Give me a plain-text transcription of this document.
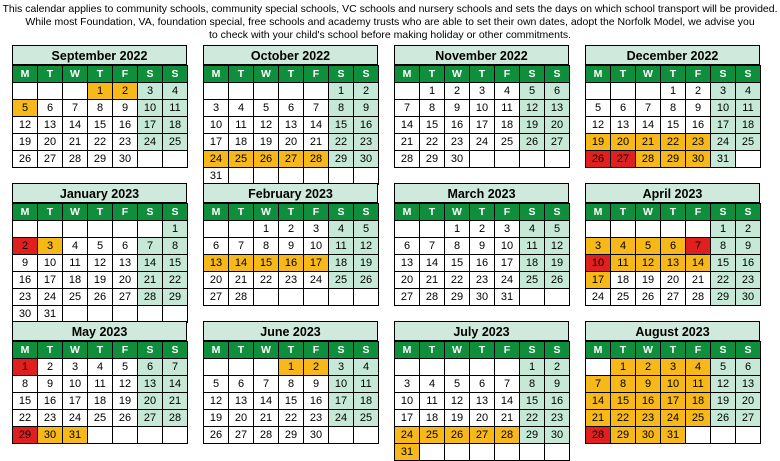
This calendar applies to community schools, community special schools, VC schools and nursery schools and sets the days on which school transport will be provided.

While most Foundation, VA, foundation special, free schools and academy trusts who are able to set their own dates, adopt the Norfolk Model, we advise you

to check with your child's school before making holiday or other commitments.

September 2022
M	T	W	T	F	S	S
			1	2	3	4
5	6	7	8	9	10	11
12	13	14	15	16	17	18
19	20	21	22	23	24	25
26	27	28	29	30		
October 2022
M	T	W	T	F	S	S
					1	2
3	4	5	6	7	8	9
10	11	12	13	14	15	16
17	18	19	20	21	22	23
24	25	26	27	28	29	30
31						
November 2022
M	T	W	T	F	S	S
	1	2	3	4	5	6
7	8	9	10	11	12	13
14	15	16	17	18	19	20
21	22	23	24	25	26	27
28	29	30				
December 2022
M	T	W	T	F	S	S
			1	2	3	4
5	6	7	8	9	10	11
12	13	14	15	16	17	18
19	20	21	22	23	24	25
26	27	28	29	30	31	
January 2023
M	T	W	T	F	S	S
						1
2	3	4	5	6	7	8
9	10	11	12	13	14	15
16	17	18	19	20	21	22
23	24	25	26	27	28	29
30	31					
February 2023
M	T	W	T	F	S	S
		1	2	3	4	5
6	7	8	9	10	11	12
13	14	15	16	17	18	19
20	21	22	23	24	25	26
27	28					
March 2023
M	T	W	T	F	S	S
		1	2	3	4	5
6	7	8	9	10	11	12
13	14	15	16	17	18	19
20	21	22	23	24	25	26
27	28	29	30	31		
April 2023
M	T	W	T	F	S	S
					1	2
3	4	5	6	7	8	9
10	11	12	13	14	15	16
17	18	19	20	21	22	23
24	25	26	27	28	29	30
May 2023
M	T	W	T	F	S	S
1	2	3	4	5	6	7
8	9	10	11	12	13	14
15	16	17	18	19	20	21
22	23	24	25	26	27	28
29	30	31				
June 2023
M	T	W	T	F	S	S
			1	2	3	4
5	6	7	8	9	10	11
12	13	14	15	16	17	18
19	20	21	22	23	24	25
26	27	28	29	30		
July 2023
M	T	W	T	F	S	S
					1	2
3	4	5	6	7	8	9
10	11	12	13	14	15	16
17	18	19	20	21	22	23
24	25	26	27	28	29	30
31						
August 2023
M	T	W	T	F	S	S
	1	2	3	4	5	6
7	8	9	10	11	12	13
14	15	16	17	18	19	20
21	22	23	24	25	26	27
28	29	30	31			
